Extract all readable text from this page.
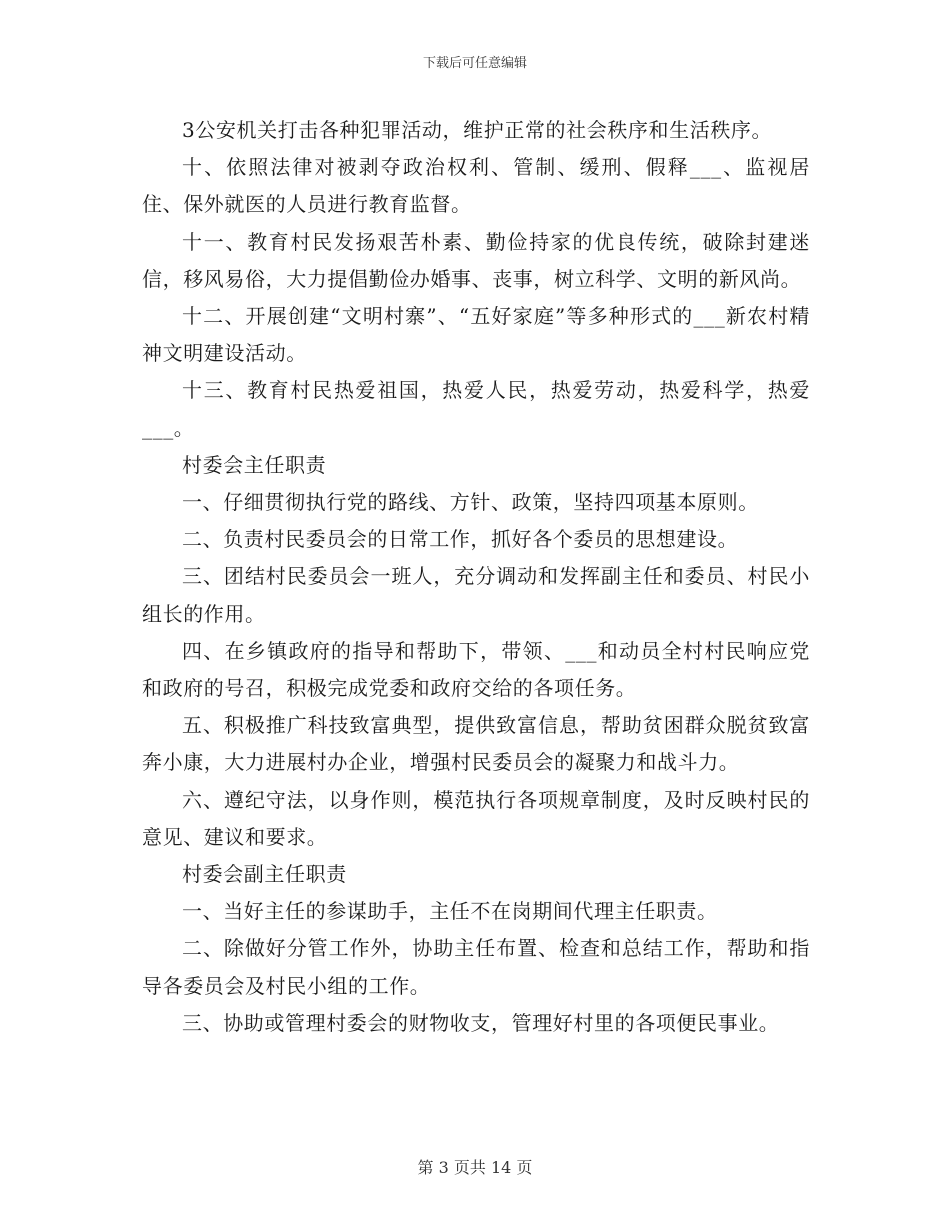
下载后可任意编辑

3公安机关打击各种犯罪活动，维护正常的社会秩序和生活秩序。

十、依照法律对被剥夺政治权利、管制、缓刑、假释___、监视居住、保外就医的人员进行教育监督。

十一、教育村民发扬艰苦朴素、勤俭持家的优良传统，破除封建迷信，移风易俗，大力提倡勤俭办婚事、丧事，树立科学、文明的新风尚。

十二、开展创建“文明村寨”、“五好家庭”等多种形式的___新农村精神文明建设活动。

十三、教育村民热爱祖国，热爱人民，热爱劳动，热爱科学，热爱___。

村委会主任职责

一、仔细贯彻执行党的路线、方针、政策，坚持四项基本原则。

二、负责村民委员会的日常工作，抓好各个委员的思想建设。

三、团结村民委员会一班人，充分调动和发挥副主任和委员、村民小组长的作用。

四、在乡镇政府的指导和帮助下，带领、___和动员全村村民响应党和政府的号召，积极完成党委和政府交给的各项任务。

五、积极推广科技致富典型，提供致富信息，帮助贫困群众脱贫致富奔小康，大力进展村办企业，增强村民委员会的凝聚力和战斗力。

六、遵纪守法，以身作则，模范执行各项规章制度，及时反映村民的意见、建议和要求。

村委会副主任职责

一、当好主任的参谋助手，主任不在岗期间代理主任职责。

二、除做好分管工作外，协助主任布置、检查和总结工作，帮助和指导各委员会及村民小组的工作。

三、协助或管理村委会的财物收支，管理好村里的各项便民事业。

第 3 页共 14 页
